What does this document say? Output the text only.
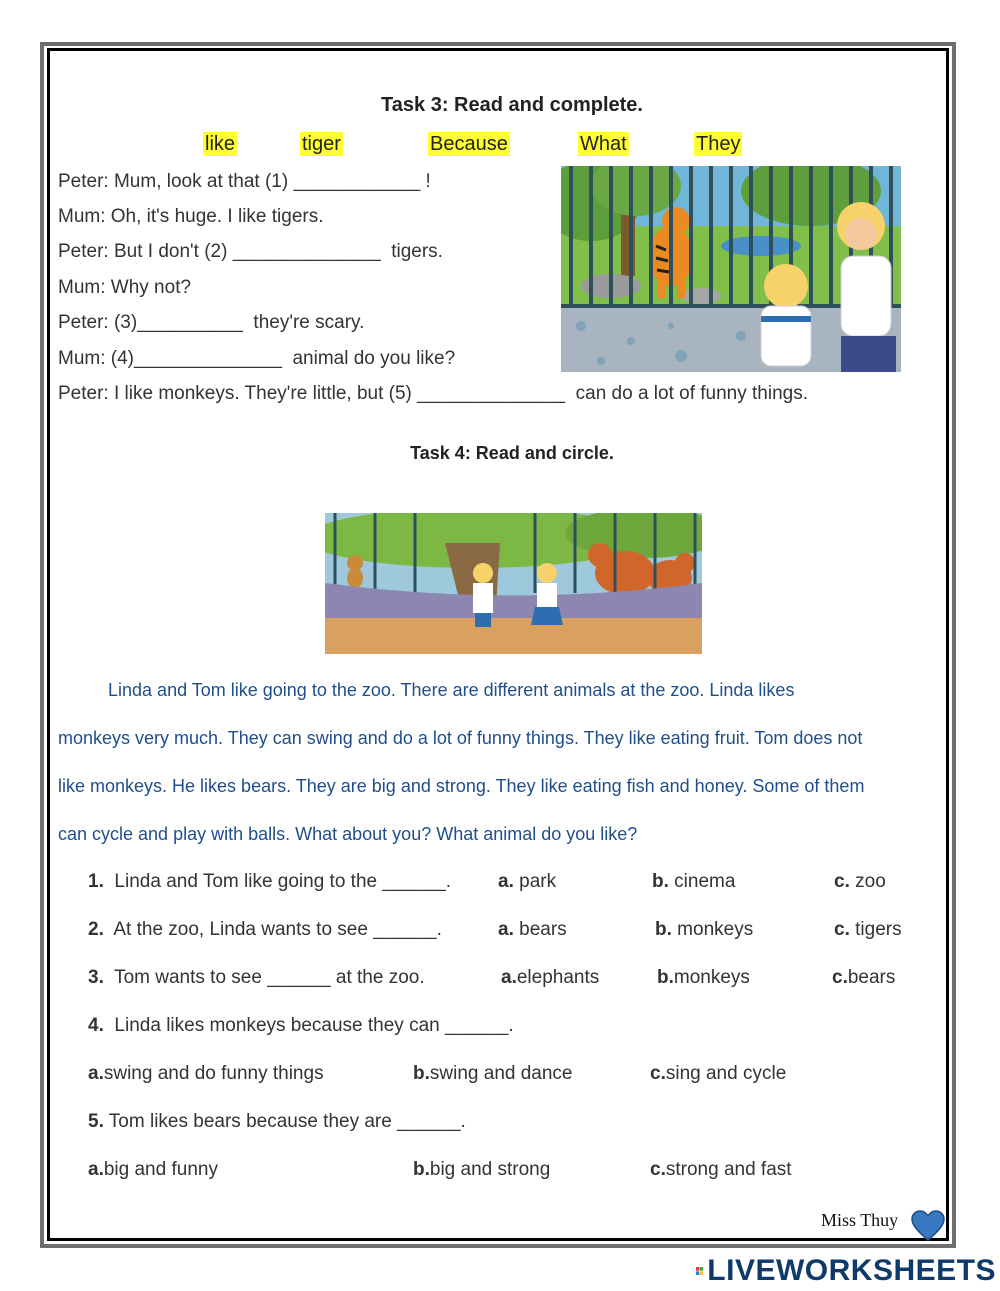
Task 3: Read and complete.
like	tiger	Because	What	They
Peter: Mum, look at that (1) ____________ !
Mum: Oh, it's huge. I like tigers.
Peter: But I don't (2) ______________  tigers.
Mum: Why not?
Peter: (3)__________  they're scary.
Mum: (4)______________  animal do you like?
Peter: I like monkeys. They're little, but (5) ______________  can do a lot of funny things.
Task 4: Read and circle.
Linda and Tom like going to the zoo. There are different animals at the zoo. Linda likes
monkeys very much. They can swing and do a lot of funny things. They like eating fruit. Tom does not
like monkeys. He likes bears. They are big and strong. They like eating fish and honey. Some of them
can cycle and play with balls. What about you? What animal do you like?
1. Linda and Tom like going to the ______. a. park	b. cinema	c. zoo
2. At the zoo, Linda wants to see ______.	a. bears	b. monkeys	c. tigers
3. Tom wants to see ______ at the zoo.	a.elephants	b.monkeys	c.bears
4. Linda likes monkeys because they can ______.
a.swing and do funny things	b.swing and dance	c.sing and cycle
5. Tom likes bears because they are ______.
a.big and funny	b.big and strong	c.strong and fast
Miss Thuy
LIVEWORKSHEETS
